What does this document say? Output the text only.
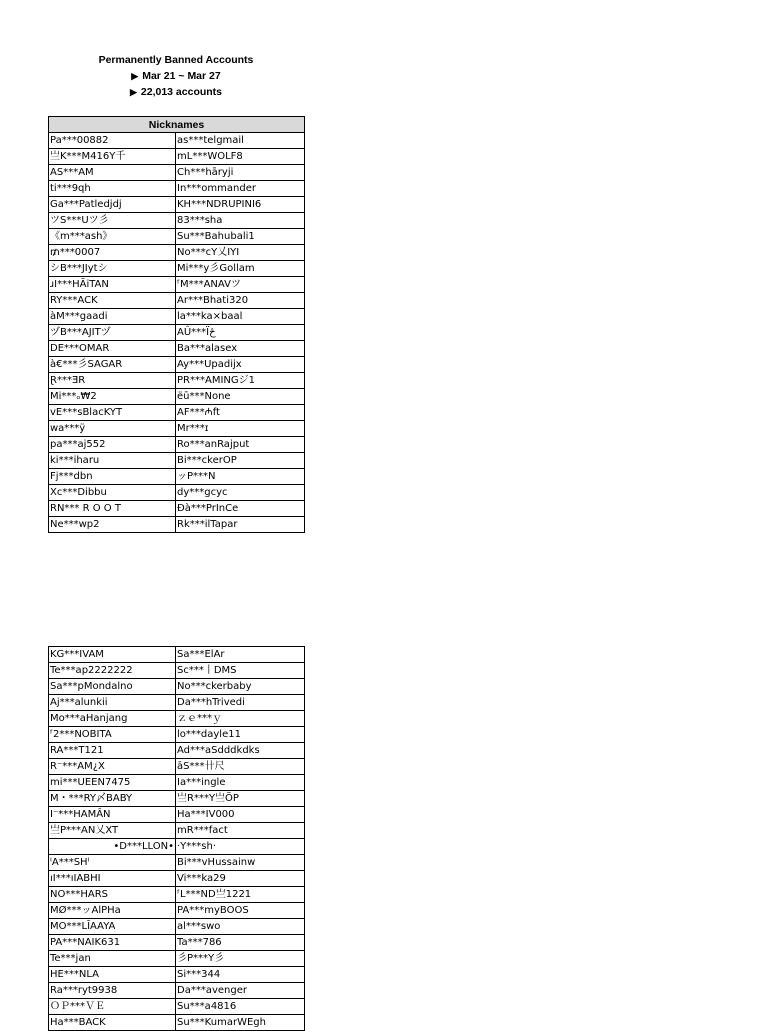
Permanently Banned Accounts
▶ Mar 21 ~ Mar 27
▶ 22,013 accounts
Nicknames	
Pa***00882	as***telgmail
亗K***M416Y千	mL***WOLF8
AS***AM	Ch***hāryji
ti***9qh	In***ommander
Ga***Patledjdj	KH***NDRUPINI6
ツS***Uツ彡	83***sha
《m***ash》	Su***Bahubali1
₥***0007	No***cY乂IYI
シB***JIytシ	Mi***y彡Gollam
ɹI***HĀiTAN	ᶠM***ANAVツ
RY***ACK	Ar***Bhati320
àM***gaadi	la***ka×baal
ヅB***AJITヅ	AÛ***Ïځ
DE***OMAR	Ba***alasex
à€***彡SAGAR	Ay***Upadijx
Ɽ***ƎR	PR***AMINGジ1
Mi***ₒ₩2	ëū***None
vE***sBlacKYT	AF***₼ft
wa***ÿ	Mr***ɪ
pa***aj552	Ro***anRajput
ki***iharu	Bi***ckerOP
Fj***dbn	ッP***N
Xc***Dibbu	dy***gcyc
RN*** R O O T	Đà***PrInCe
Ne***wp2	Rk***ilTapar
KG***IVAM	Sa***ElAr
Te***ap2222222	Sc***丨DMS
Sa***pMondalno	No***ckerbaby
Aj***alunkii	Da***hTrivedi
Mo***aHanjang	ｚｅ***ｙ
ᶠ2***NOBITA	lo***dayle11
RA***T121	Ad***aSdddkdks
R⁻***AM¿X	āS***卄尺
mi***UEEN7475	Ia***ingle
M・***RY〆BABY	亗R***Y亗ÖP
I⁻***HAMÂN	Ha***IV000
亗P***AN乂XT	mR***fact
•D***LLON•	·Y***sh·
ᴵA***SHᴵ	Bi***vHussainw
ıI***ıIABHI	Vi***ka29
NO***HARS	ᶠL***ND亗1221
MØ***ッAlPHa	PA***myBOOS
MO***LĪAAYA	al***swo
PA***NAIK631	Ta***786
Te***jan	彡P***Y彡
HE***NLA	Si***344
Ra***ryt9938	Da***avenger
ＯＰ***ＶＥ	Su***a4816
Ha***BACK	Su***KumarWEgh
